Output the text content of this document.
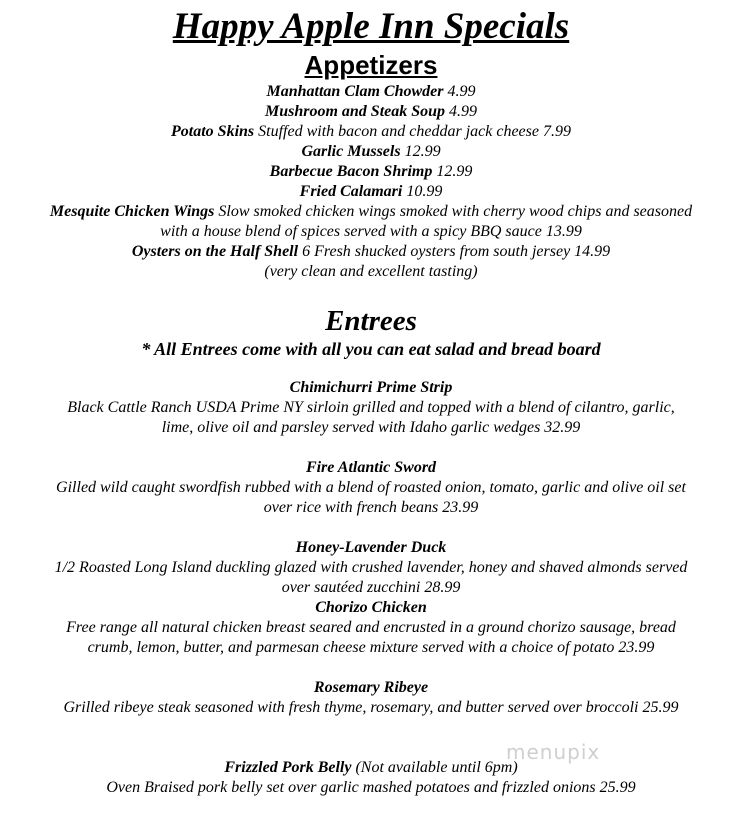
Happy Apple Inn Specials
Appetizers

Manhattan Clam Chowder 4.99

Mushroom and Steak Soup 4.99

Potato Skins Stuffed with bacon and cheddar jack cheese 7.99

Garlic Mussels 12.99

Barbecue Bacon Shrimp 12.99

Fried Calamari 10.99

Mesquite Chicken Wings Slow smoked chicken wings smoked with cherry wood chips and seasoned with a house blend of spices served with a spicy BBQ sauce 13.99

Oysters on the Half Shell 6 Fresh shucked oysters from south jersey 14.99
(very clean and excellent tasting)

Entrees

* All Entrees come with all you can eat salad and bread board

Chimichurri Prime Strip

Black Cattle Ranch USDA Prime NY sirloin grilled and topped with a blend of cilantro, garlic, lime, olive oil and parsley served with Idaho garlic wedges 32.99

Fire Atlantic Sword

Gilled wild caught swordfish rubbed with a blend of roasted onion, tomato, garlic and olive oil set over rice with french beans 23.99

Honey-Lavender Duck

1/2 Roasted Long Island duckling glazed with crushed lavender, honey and shaved almonds served over sautéed zucchini 28.99

Chorizo Chicken

Free range all natural chicken breast seared and encrusted in a ground chorizo sausage, bread crumb, lemon, butter, and parmesan cheese mixture served with a choice of potato 23.99

Rosemary Ribeye

Grilled ribeye steak seasoned with fresh thyme, rosemary, and butter served over broccoli 25.99

Frizzled Pork Belly (Not available until 6pm)

Oven Braised pork belly set over garlic mashed potatoes and frizzled onions 25.99

menupix
